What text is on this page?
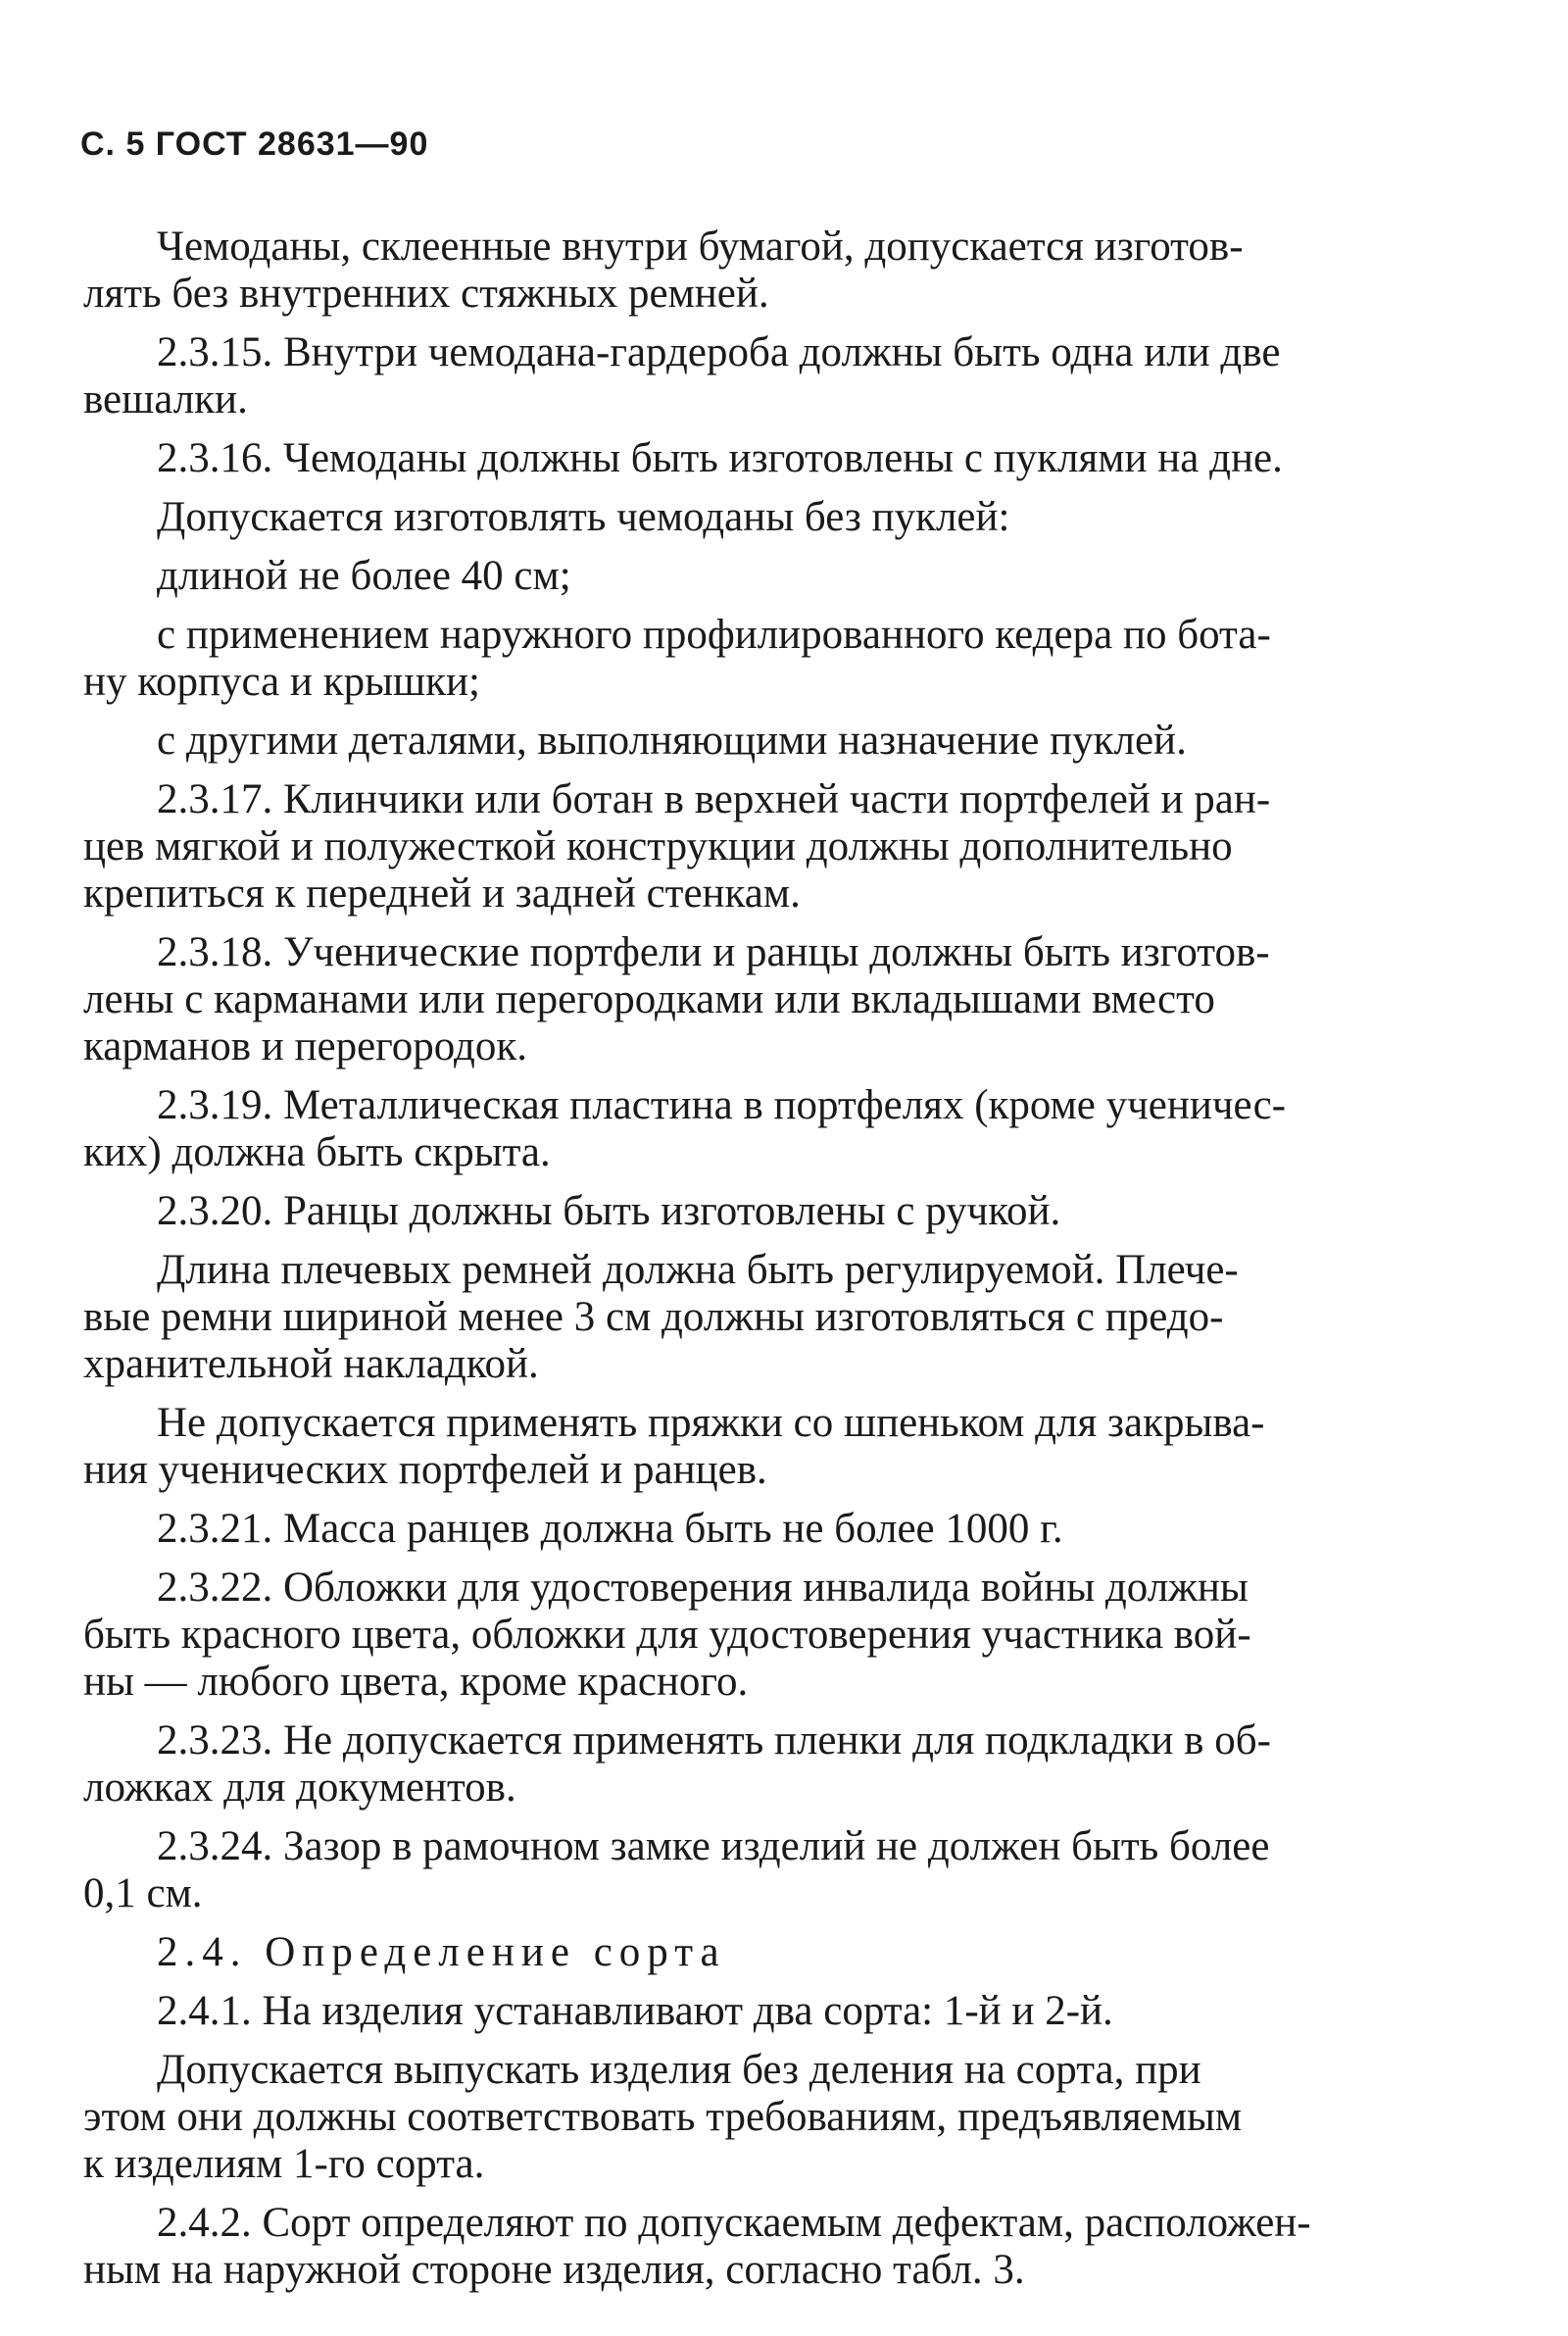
С. 5 ГОСТ 28631—90
Чемоданы, склеенные внутри бумагой, допускается изготов-
лять без внутренних стяжных ремней.
2.3.15. Внутри чемодана-гардероба должны быть одна или две
вешалки.
2.3.16. Чемоданы должны быть изготовлены с пуклями на дне.
Допускается изготовлять чемоданы без пуклей:
длиной не более 40 см;
с применением наружного профилированного кедера по бота-
ну корпуса и крышки;
с другими деталями, выполняющими назначение пуклей.
2.3.17. Клинчики или ботан в верхней части портфелей и ран-
цев мягкой и полужесткой конструкции должны дополнительно
крепиться к передней и задней стенкам.
2.3.18. Ученические портфели и ранцы должны быть изготов-
лены с карманами или перегородками или вкладышами вместо
карманов и перегородок.
2.3.19. Металлическая пластина в портфелях (кроме ученичес-
ких) должна быть скрыта.
2.3.20. Ранцы должны быть изготовлены с ручкой.
Длина плечевых ремней должна быть регулируемой. Плече-
вые ремни шириной менее 3 см должны изготовляться с предо-
хранительной накладкой.
Не допускается применять пряжки со шпеньком для закрыва-
ния ученических портфелей и ранцев.
2.3.21. Масса ранцев должна быть не более 1000 г.
2.3.22. Обложки для удостоверения инвалида войны должны
быть красного цвета, обложки для удостоверения участника вой-
ны — любого цвета, кроме красного.
2.3.23. Не допускается применять пленки для подкладки в об-
ложках для документов.
2.3.24. Зазор в рамочном замке изделий не должен быть более
0,1 см.
2.4. Определение сорта
2.4.1. На изделия устанавливают два сорта: 1-й и 2-й.
Допускается выпускать изделия без деления на сорта, при
этом они должны соответствовать требованиям, предъявляемым
к изделиям 1-го сорта.
2.4.2. Сорт определяют по допускаемым дефектам, расположен-
ным на наружной стороне изделия, согласно табл. 3.
